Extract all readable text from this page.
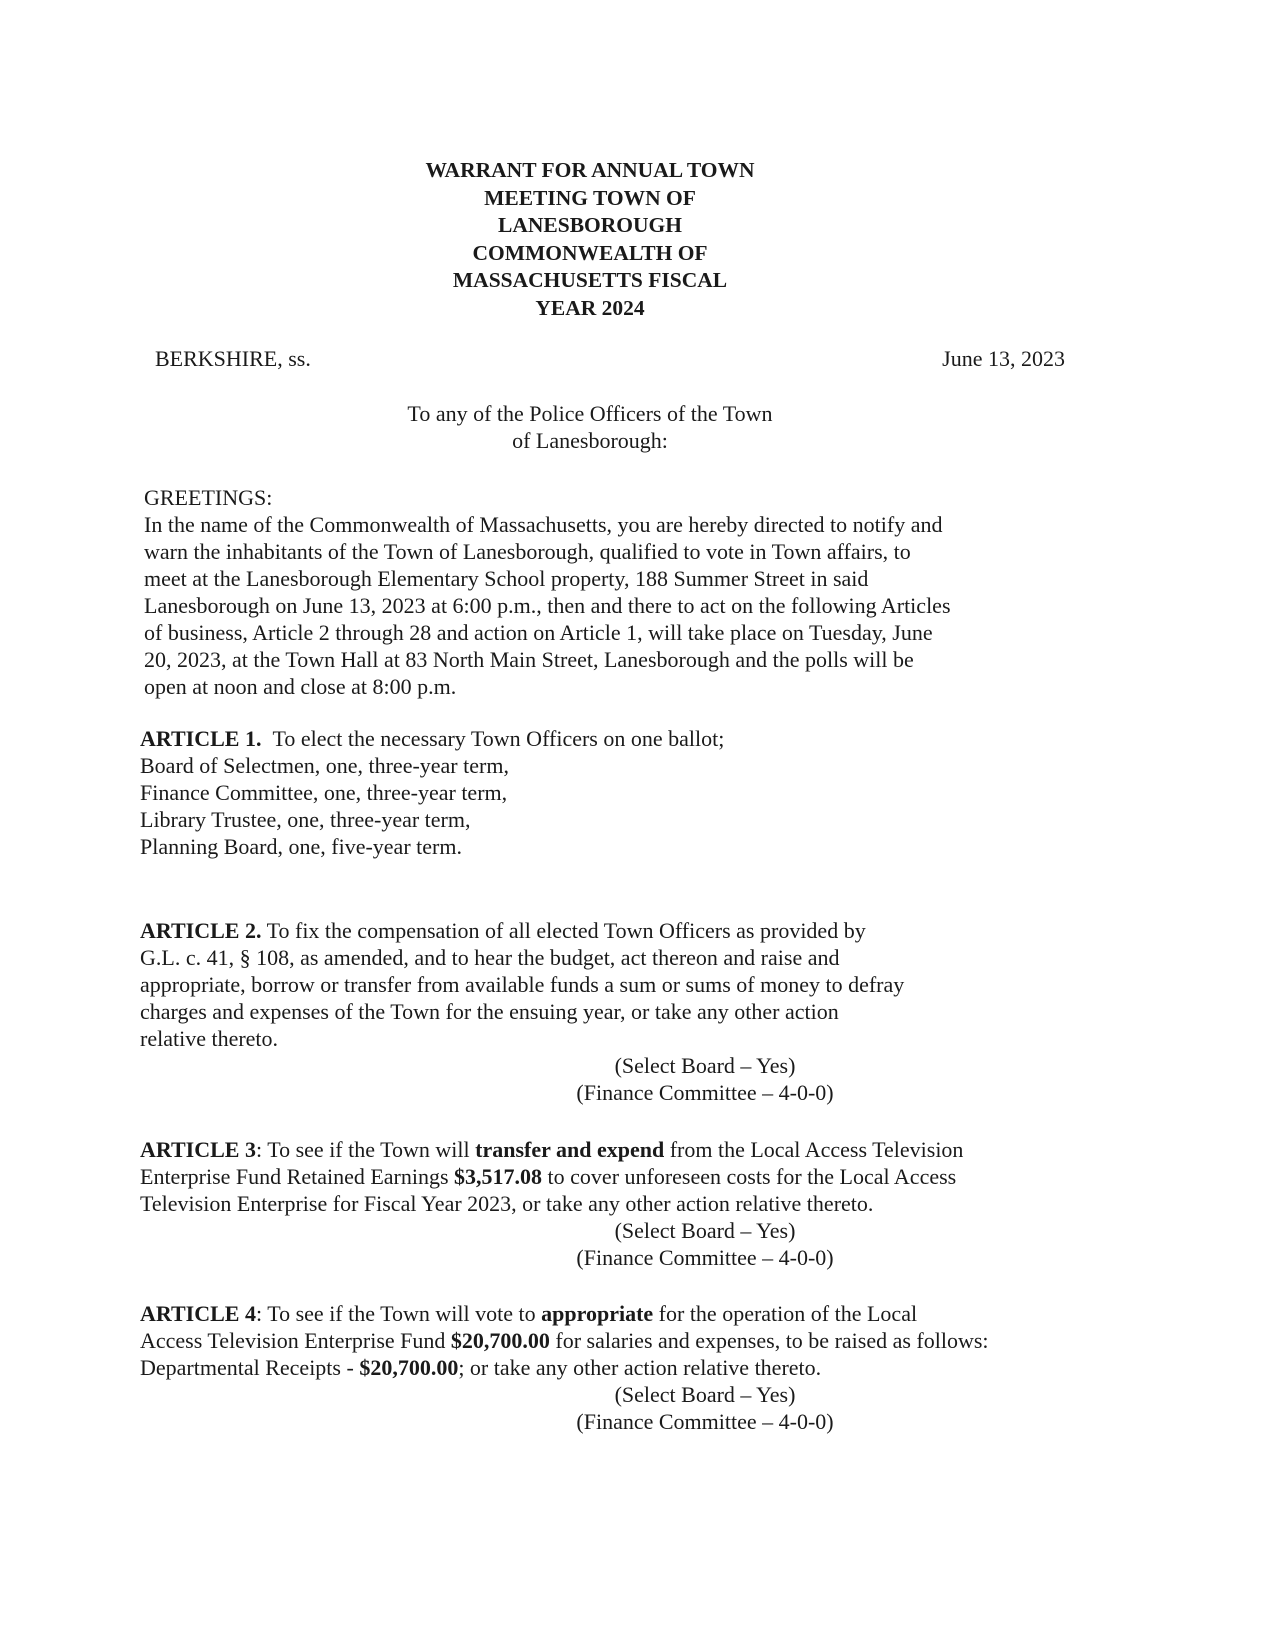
WARRANT FOR ANNUAL TOWN
MEETING TOWN OF
LANESBOROUGH
COMMONWEALTH OF
MASSACHUSETTS FISCAL
YEAR 2024
BERKSHIRE, ss.	June 13, 2023
To any of the Police Officers of the Town
of Lanesborough:
GREETINGS:

In the name of the Commonwealth of Massachusetts, you are hereby directed to notify and

warn the inhabitants of the Town of Lanesborough, qualified to vote in Town affairs, to

meet at the Lanesborough Elementary School property, 188 Summer Street in said

Lanesborough on June 13, 2023 at 6:00 p.m., then and there to act on the following Articles

of business, Article 2 through 28 and action on Article 1, will take place on Tuesday, June

20, 2023, at the Town Hall at 83 North Main Street, Lanesborough and the polls will be

open at noon and close at 8:00 p.m.

ARTICLE 1. To elect the necessary Town Officers on one ballot;

Board of Selectmen, one, three-year term,

Finance Committee, one, three-year term,

Library Trustee, one, three-year term,

Planning Board, one, five-year term.

ARTICLE 2. To fix the compensation of all elected Town Officers as provided by

G.L. c. 41, § 108, as amended, and to hear the budget, act thereon and raise and

appropriate, borrow or transfer from available funds a sum or sums of money to defray

charges and expenses of the Town for the ensuing year, or take any other action

relative thereto.

(Select Board – Yes)
(Finance Committee – 4-0-0)

ARTICLE 3: To see if the Town will transfer and expend from the Local Access Television

Enterprise Fund Retained Earnings $3,517.08 to cover unforeseen costs for the Local Access

Television Enterprise for Fiscal Year 2023, or take any other action relative thereto.

(Select Board – Yes)
(Finance Committee – 4-0-0)

ARTICLE 4: To see if the Town will vote to appropriate for the operation of the Local

Access Television Enterprise Fund $20,700.00 for salaries and expenses, to be raised as follows:

Departmental Receipts - $20,700.00; or take any other action relative thereto.

(Select Board – Yes)
(Finance Committee – 4-0-0)
